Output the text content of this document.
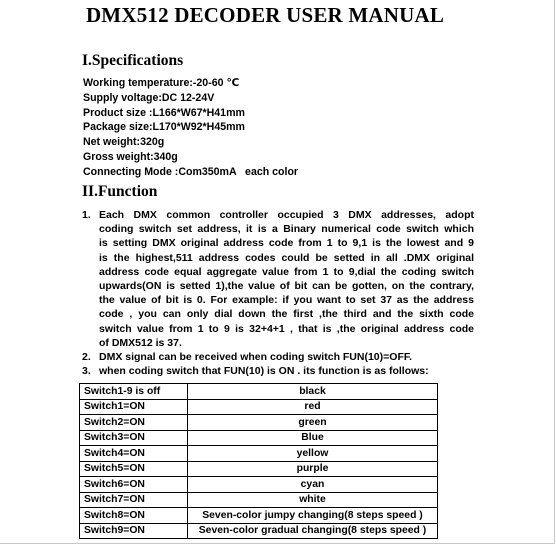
DMX512 DECODER USER MANUAL
I.Specifications
Working temperature:-20-60 ℃
Supply voltage:DC 12-24V
Product size :L166*W67*H41mm
Package size:L170*W92*H45mm
Net weight:320g
Gross weight:340g
Connecting Mode :Com350mA   each color
II.Function
1. Each DMX common controller occupied 3 DMX addresses, adopt
coding switch set address, it is a Binary numerical code switch which
is setting DMX original address code from 1 to 9,1 is the lowest and 9
is the highest,511 address codes could be setted in all .DMX original
address code equal aggregate value from 1 to 9,dial the coding switch
upwards(ON is setted 1),the value of bit can be gotten, on the contrary,
the value of bit is 0. For example: if you want to set 37 as the address
code , you can only dial down the first ,the third and the sixth code
switch value from 1 to 9 is 32+4+1 , that is ,the original address code
of DMX512 is 37.
2. DMX signal can be received when coding switch FUN(10)=OFF.
3. when coding switch that FUN(10) is ON . its function is as follows:
Switch1-9 is off	black
Switch1=ON	red
Switch2=ON	green
Switch3=ON	Blue
Switch4=ON	yellow
Switch5=ON	purple
Switch6=ON	cyan
Switch7=ON	white
Switch8=ON	Seven-color jumpy changing(8 steps speed )
Switch9=ON	Seven-color gradual changing(8 steps speed )
